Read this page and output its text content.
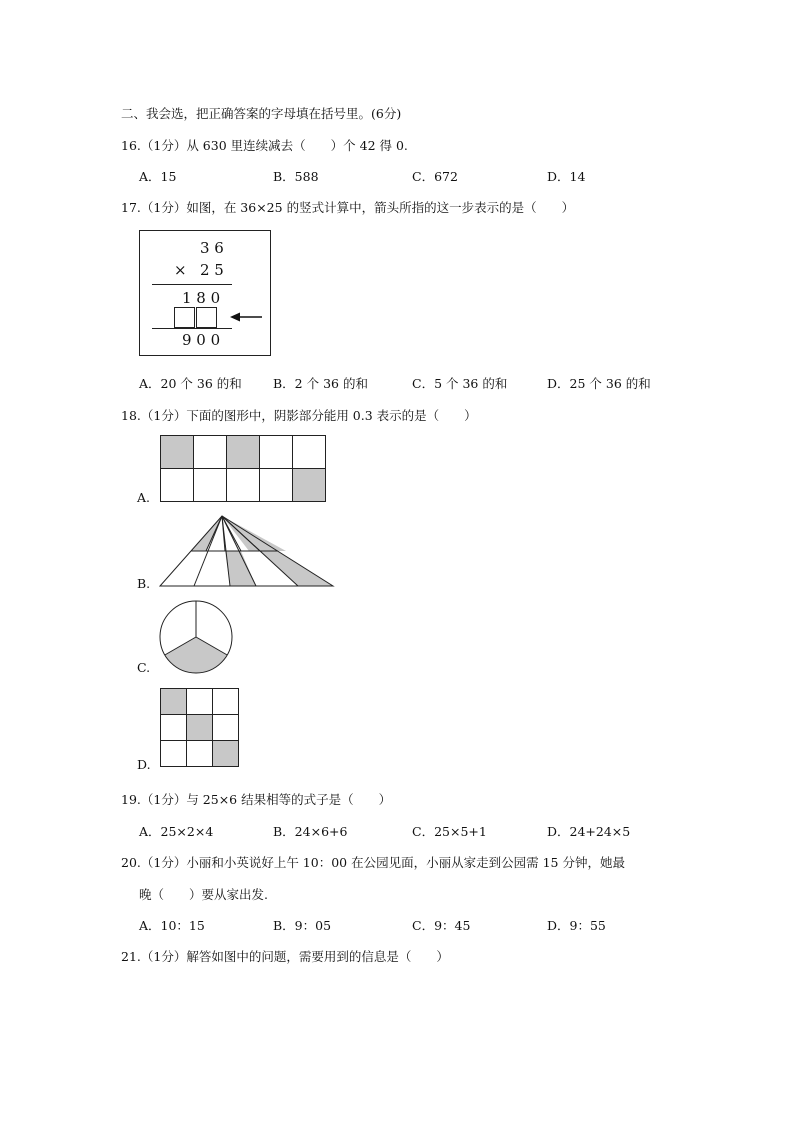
二、我会选，把正确答案的字母填在括号里。(6分)
16.（1分）从 630 里连续减去（　　）个 42 得 0.
A．15	B．588	C．672	D．14
17.（1分）如图，在 36×25 的竖式计算中，箭头所指的这一步表示的是（　　）
3 6
× 2 5
1 8 0
9 0 0
A．20 个 36 的和 B．2 个 36 的和	C．5 个 36 的和	D．25 个 36 的和
18.（1分）下面的图形中，阴影部分能用 0.3 表示的是（　　）
A.
B.
C.
D.
19.（1分）与 25×6 结果相等的式子是（　　）
A．25×2×4	B．24×6+6	C．25×5+1	D．24+24×5
20.（1分）小丽和小英说好上午 10：00 在公园见面，小丽从家走到公园需 15 分钟，她最
晚（　　）要从家出发.
A．10：15	B．9：05	C．9：45	D．9：55
21.（1分）解答如图中的问题，需要用到的信息是（　　）
